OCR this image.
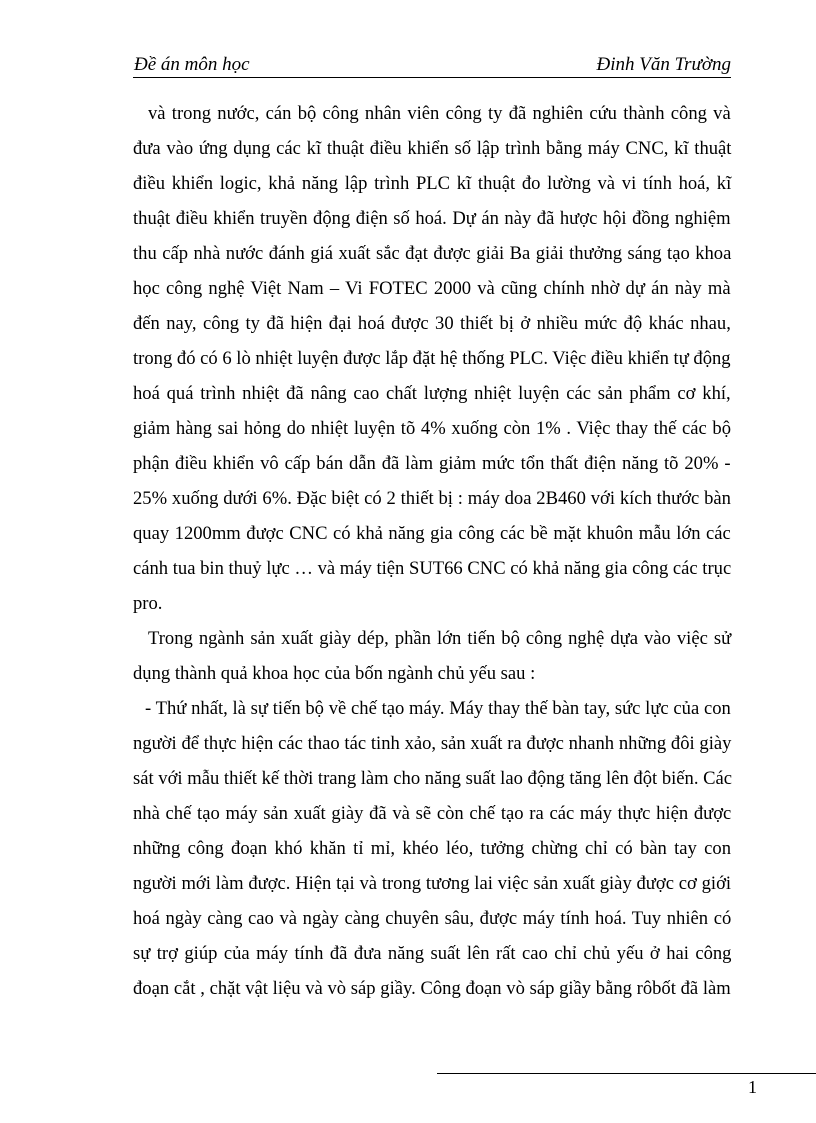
Đề án môn học	Đinh Văn Trường
và trong nước, cán bộ công nhân viên công ty đã nghiên cứu thành công và
đưa vào ứng dụng các kĩ thuật điều khiển số lập trình bằng máy CNC, kĩ thuật
điều khiển logic, khả năng lập trình PLC kĩ thuật đo lường và vi tính hoá, kĩ
thuật điều khiển truyền động điện số hoá. Dự án này đã hược hội đồng nghiệm
thu cấp nhà nước đánh giá xuất sắc đạt được giải Ba giải thưởng sáng tạo khoa
học công nghệ Việt Nam – Vi FOTEC 2000 và cũng chính nhờ dự án này mà
đến nay, công ty đã hiện đại hoá được 30 thiết bị ở nhiều mức độ khác nhau,
trong đó có 6 lò nhiệt luyện được lắp đặt hệ thống PLC. Việc điều khiển tự động
hoá quá trình nhiệt đã nâng cao chất lượng nhiệt luyện các sản phẩm cơ khí,
giảm hàng sai hỏng do nhiệt luyện tõ 4% xuống còn 1% . Việc thay thế các bộ
phận điều khiển vô cấp bán dẫn đã làm giảm mức tổn thất điện năng tõ 20% -
25% xuống dưới 6%. Đặc biệt có 2 thiết bị : máy doa 2B460 với kích thước bàn
quay 1200mm được CNC có khả năng gia công các bề mặt khuôn mẫu lớn các
cánh tua bin thuỷ lực … và máy tiện SUT66 CNC có khả năng gia công các trục
pro.
Trong ngành sản xuất giày dép, phần lớn tiến bộ công nghệ dựa vào việc sử
dụng thành quả khoa học của bốn ngành chủ yếu sau :
- Thứ nhất, là sự tiến bộ về chế tạo máy. Máy thay thế bàn tay, sức lực của con
người để thực hiện các thao tác tinh xảo, sản xuất ra được nhanh những đôi giày
sát với mẫu thiết kế thời trang làm cho năng suất lao động tăng lên đột biến. Các
nhà chế tạo máy sản xuất giày đã và sẽ còn chế tạo ra các máy thực hiện được
những công đoạn khó khăn tỉ mỉ, khéo léo, tưởng chừng chỉ có bàn tay con
người mới làm được. Hiện tại và trong tương lai việc sản xuất giày được cơ giới
hoá ngày càng cao và ngày càng chuyên sâu, được máy tính hoá. Tuy nhiên có
sự trợ giúp của máy tính đã đưa năng suất lên rất cao chỉ chủ yếu ở hai công
đoạn cắt , chặt vật liệu và vò sáp giầy. Công đoạn vò sáp giầy bằng rôbốt đã làm
1
